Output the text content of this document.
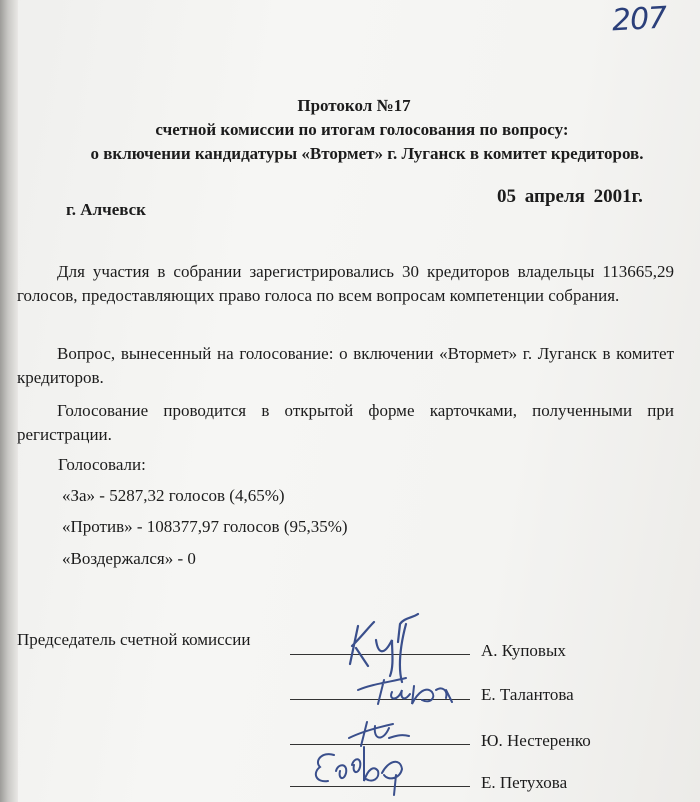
207
Протокол №17
счетной комиссии по итогам голосования по вопросу:
о включении кандидатуры «Втормет» г. Луганск в комитет кредиторов.
г. Алчевск
05 апреля 2001г.
Для участия в собрании зарегистрировались 30 кредиторов владельцы 113665,29 голосов, предоставляющих право голоса по всем вопросам компетенции собрания.
Вопрос, вынесенный на голосование: о включении «Втормет» г. Луганск в комитет кредиторов.
Голосование проводится в открытой форме карточками, полученными при регистрации.
Голосовали:
«За» - 5287,32 голосов (4,65%)
«Против» - 108377,97 голосов (95,35%)
«Воздержался» - 0
Председатель счетной комиссии
А. Куповых
Е. Талантова
Ю. Нестеренко
Е. Петухова
